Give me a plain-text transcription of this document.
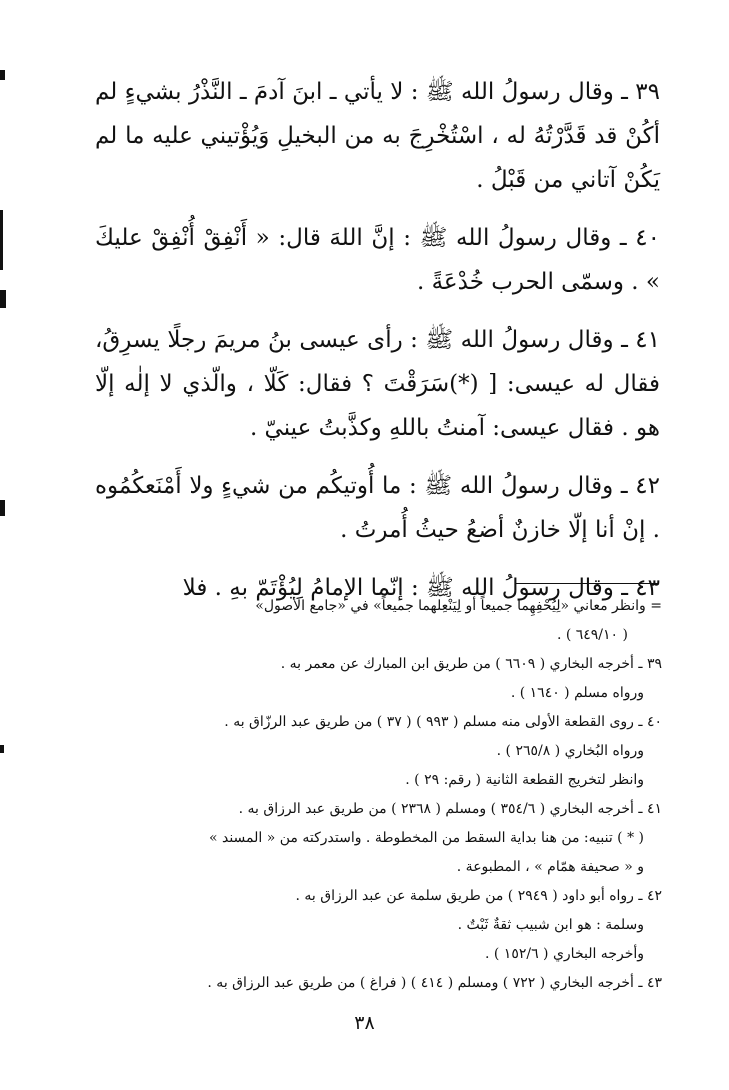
٣٩ ـ وقال رسولُ الله ﷺ : لا يأتي ـ ابنَ آدمَ ـ النَّذْرُ بشيءٍ لم أكُنْ قد قَدَّرْتُهُ له ، اسْتُخْرِجَ به من البخيلِ وَيُؤْتيني عليه ما لم يَكُنْ آتاني من قَبْلُ .

٤٠ ـ وقال رسولُ الله ﷺ : إنَّ اللهَ قال: « أَنْفِقْ أُنْفِقْ عليكَ » . وسمّى الحرب خُدْعَةً .

٤١ ـ وقال رسولُ الله ﷺ : رأى عيسى بنُ مريمَ رجلًا يسرِقُ، فقال له عيسى: [ (*)سَرَقْتَ ؟ فقال: كَلّا ، والّذي لا إلٰه إلّا هو . فقال عيسى: آمنتُ باللهِ وكذَّبتُ عينيّ .

٤٢ ـ وقال رسولُ الله ﷺ : ما أُوتيكُم من شيءٍ ولا أَمْنَعكُمُوه . إنْ أنا إلّا خازنٌ أضعُ حيثُ أُمرتُ .

٤٣ ـ وقال رسولُ الله ﷺ : إنّما الإمامُ لِيُؤْتَمّ بهِ . فلا

= وانظر معاني «لِيُحْفِهِما جميعاً أو لِيَنْعِلهما جميعاً» في «جامع الأصول»
( ٦٤٩/١٠ ) .
٣٩ ـ أخرجه البخاري ( ٦٦٠٩ ) من طريق ابن المبارك عن معمر به .
ورواه مسلم ( ١٦٤٠ ) .
٤٠ ـ روى القطعة الأولى منه مسلم ( ٩٩٣ ) ( ٣٧ ) من طريق عبد الرزّاق به .
ورواه البُخاري ( ٢٦٥/٨ ) .
وانظر لتخريج القطعة الثانية ( رقم: ٢٩ ) .
٤١ ـ أخرجه البخاري ( ٣٥٤/٦ ) ومسلم ( ٢٣٦٨ ) من طريق عبد الرزاق به .
( * ) تنبيه: من هنا بداية السقط من المخطوطة . واستدركته من « المسند »
و « صحيفة همّام » ، المطبوعة .
٤٢ ـ رواه أبو داود ( ٢٩٤٩ ) من طريق سلمة عن عبد الرزاق به .
وسلمة : هو ابن شبيب ثقةٌ ثَبْتٌ .
وأخرجه البخاري ( ١٥٢/٦ ) .
٤٣ ـ أخرجه البخاري ( ٧٢٢ ) ومسلم ( ٤١٤ ) ( فراغ ) من طريق عبد الرزاق به .
٣٨
